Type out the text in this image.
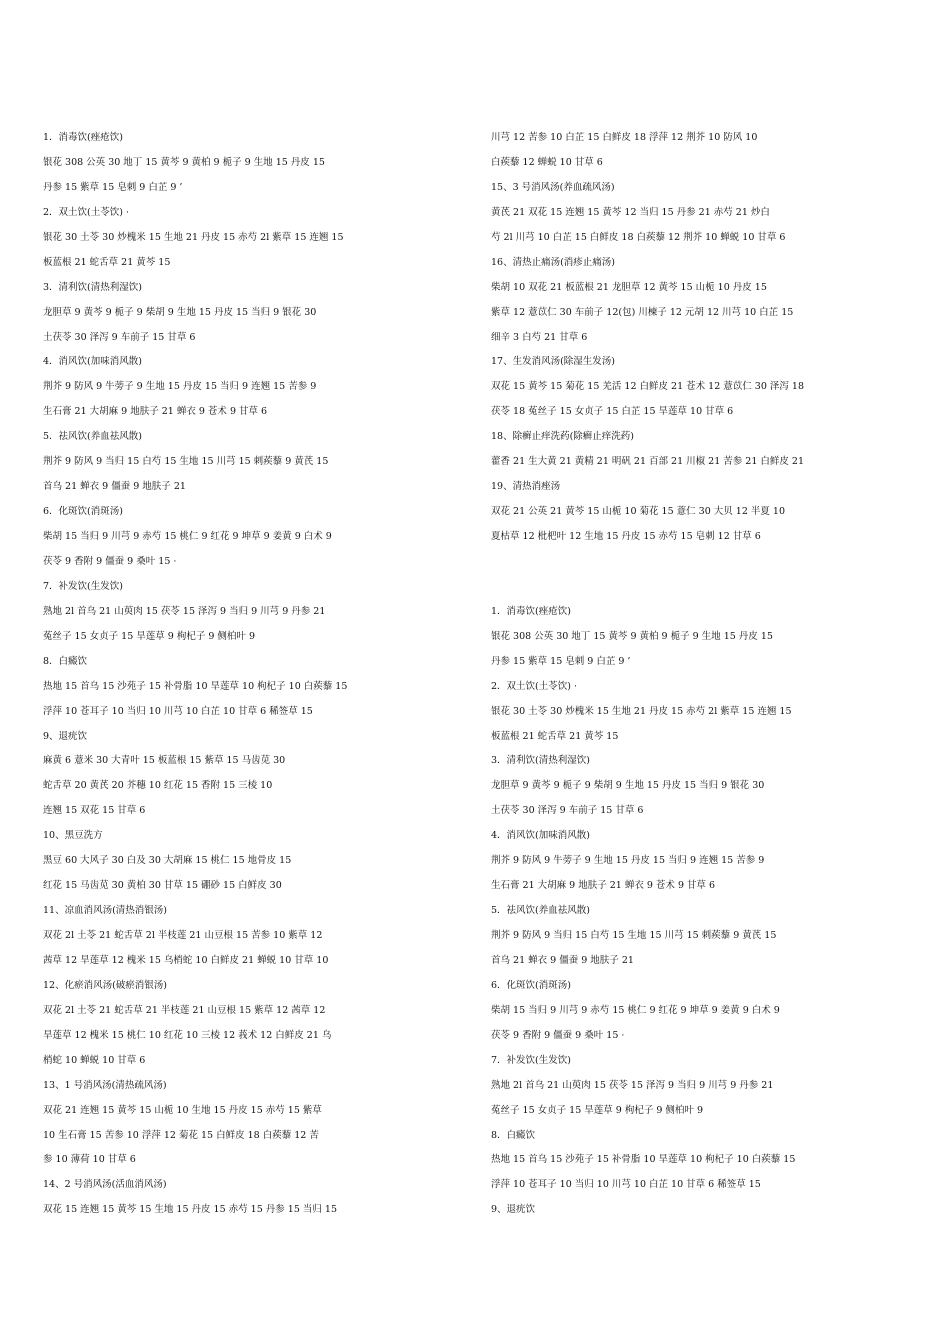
1．消毒饮(痤疮饮)
银花 308 公英 30 地丁 15 黄芩 9 黄柏 9 栀子 9 生地 15 丹皮 15
丹参 15 紫草 15 皂刺 9 白芷 9 ’
2．双土饮(土苓饮) ·
银花 30 土苓 30 炒槐米 15 生地 21 丹皮 15 赤芍 2l 紫草 15 连翘 15
板蓝根 21 蛇舌草 21 黄芩 15
3．清利饮(清热利湿饮)
龙胆草 9 黄芩 9 栀子 9 柴胡 9 生地 15 丹皮 15 当归 9 银花 30
土茯苓 30 泽泻 9 车前子 15 甘草 6
4．消风饮(加味消风散)
荆芥 9 防风 9 牛蒡子 9 生地 15 丹皮 15 当归 9 连翘 15 苦参 9
生石膏 21 大胡麻 9 地肤子 21 蝉衣 9 苍术 9 甘草 6
5．祛风饮(养血祛风散)
荆芥 9 防风 9 当归 15 白芍 15 生地 15 川芎 15 刺蒺藜 9 黄芪 15
首乌 21 蝉衣 9 僵蚕 9 地肤子 21
6．化斑饮(消斑汤)
柴胡 15 当归 9 川芎 9 赤芍 15 桃仁 9 红花 9 坤草 9 姜黄 9 白术 9
茯苓 9 香附 9 僵蚕 9 桑叶 15 ·
7．补发饮(生发饮)
熟地 2l 首乌 21 山萸肉 15 茯苓 15 泽泻 9 当归 9 川芎 9 丹参 21
菟丝子 15 女贞子 15 旱莲草 9 枸杞子 9 侧柏叶 9
8．白癜饮
热地 15 首乌 15 沙苑子 15 补骨脂 10 旱莲草 10 枸杞子 10 白蒺藜 15
浮萍 10 苍耳子 10 当归 10 川芎 10 白芷 10 甘草 6 稀签草 15
9、退疣饮
麻黄 6 薏米 30 大青叶 15 板蓝根 15 紫草 15 马齿苋 30
蛇舌草 20 黄芪 20 芥穗 10 红花 15 香附 15 三棱 10
连翘 15 双花 15 甘草 6
10、黑豆洗方
黑豆 60 大风子 30 白及 30 大胡麻 15 桃仁 15 地骨皮 15
红花 15 马齿苋 30 黄柏 30 甘草 15 硼砂 15 白鲜皮 30
11、凉血消风汤(清热消银汤)
双花 2l 土苓 21 蛇舌草 2l 半枝莲 21 山豆根 15 苦参 10 紫草 12
茜草 12 旱莲草 12 槐米 15 乌梢蛇 10 白鲜皮 21 蝉蜕 10 甘草 10
12、化瘀消风汤(破瘀消银汤)
双花 2l 土苓 21 蛇舌草 21 半枝莲 21 山豆根 15 紫草 12 茜草 12
旱莲草 12 槐米 15 桃仁 10 红花 10 三棱 12 莪术 12 白鲜皮 21 乌
梢蛇 10 蝉蜕 10 甘草 6
13、1 号消风汤(清热疏风汤)
双花 21 连翘 15 黄芩 15 山栀 10 生地 15 丹皮 15 赤芍 15 紫草
10 生石膏 15 苦参 10 浮萍 12 菊花 15 白鲜皮 18 白蒺藜 12 苦
参 10 薄荷 10 甘草 6
14、2 号消风汤(活血消风汤)
双花 15 连翘 15 黄芩 15 生地 15 丹皮 15 赤芍 15 丹参 15 当归 15
川芎 12 苦参 10 白芷 15 白鲜皮 18 浮萍 12 荆芥 10 防风 10
白蒺藜 12 蝉蜕 10 甘草 6
15、3 号消风汤(养血疏风汤)
黄芪 21 双花 15 连翘 15 黄芩 12 当归 15 丹参 21 赤芍 21 炒白
芍 2l 川芎 10 白芷 15 白鲜皮 18 白蒺藜 12 荆芥 10 蝉蜕 10 甘草 6
16、清热止痛汤(消疹止痛汤)
柴胡 10 双花 21 板蓝根 21 龙胆草 12 黄芩 15 山栀 10 丹皮 15
紫草 12 薏苡仁 30 车前子 12(包) 川楝子 12 元胡 12 川芎 10 白芷 15
细辛 3 白芍 21 甘草 6
17、生发消风汤(除湿生发汤)
双花 15 黄芩 15 菊花 15 羌活 12 白鲜皮 21 苍术 12 薏苡仁 30 泽泻 18
茯苓 18 菟丝子 15 女贞子 15 白芷 15 旱莲草 10 甘草 6
18、除癣止痒洗药(除癣止痒洗药)
藿香 21 生大黄 21 黄精 21 明矾 21 百部 21 川椒 21 苦参 21 白鲜皮 21
19、清热消痤汤
双花 21 公英 21 黄芩 15 山栀 10 菊花 15 薏仁 30 大贝 12 半夏 10
夏枯草 12 枇杷叶 12 生地 15 丹皮 15 赤芍 15 皂刺 12 甘草 6
1．消毒饮(痤疮饮)
银花 308 公英 30 地丁 15 黄芩 9 黄柏 9 栀子 9 生地 15 丹皮 15
丹参 15 紫草 15 皂刺 9 白芷 9 ’
2．双土饮(土苓饮) ·
银花 30 土苓 30 炒槐米 15 生地 21 丹皮 15 赤芍 2l 紫草 15 连翘 15
板蓝根 21 蛇舌草 21 黄芩 15
3．清利饮(清热利湿饮)
龙胆草 9 黄芩 9 栀子 9 柴胡 9 生地 15 丹皮 15 当归 9 银花 30
土茯苓 30 泽泻 9 车前子 15 甘草 6
4．消风饮(加味消风散)
荆芥 9 防风 9 牛蒡子 9 生地 15 丹皮 15 当归 9 连翘 15 苦参 9
生石膏 21 大胡麻 9 地肤子 21 蝉衣 9 苍术 9 甘草 6
5．祛风饮(养血祛风散)
荆芥 9 防风 9 当归 15 白芍 15 生地 15 川芎 15 刺蒺藜 9 黄芪 15
首乌 21 蝉衣 9 僵蚕 9 地肤子 21
6．化斑饮(消斑汤)
柴胡 15 当归 9 川芎 9 赤芍 15 桃仁 9 红花 9 坤草 9 姜黄 9 白术 9
茯苓 9 香附 9 僵蚕 9 桑叶 15 ·
7．补发饮(生发饮)
熟地 2l 首乌 21 山萸肉 15 茯苓 15 泽泻 9 当归 9 川芎 9 丹参 21
菟丝子 15 女贞子 15 旱莲草 9 枸杞子 9 侧柏叶 9
8．白癜饮
热地 15 首乌 15 沙苑子 15 补骨脂 10 旱莲草 10 枸杞子 10 白蒺藜 15
浮萍 10 苍耳子 10 当归 10 川芎 10 白芷 10 甘草 6 稀签草 15
9、退疣饮
